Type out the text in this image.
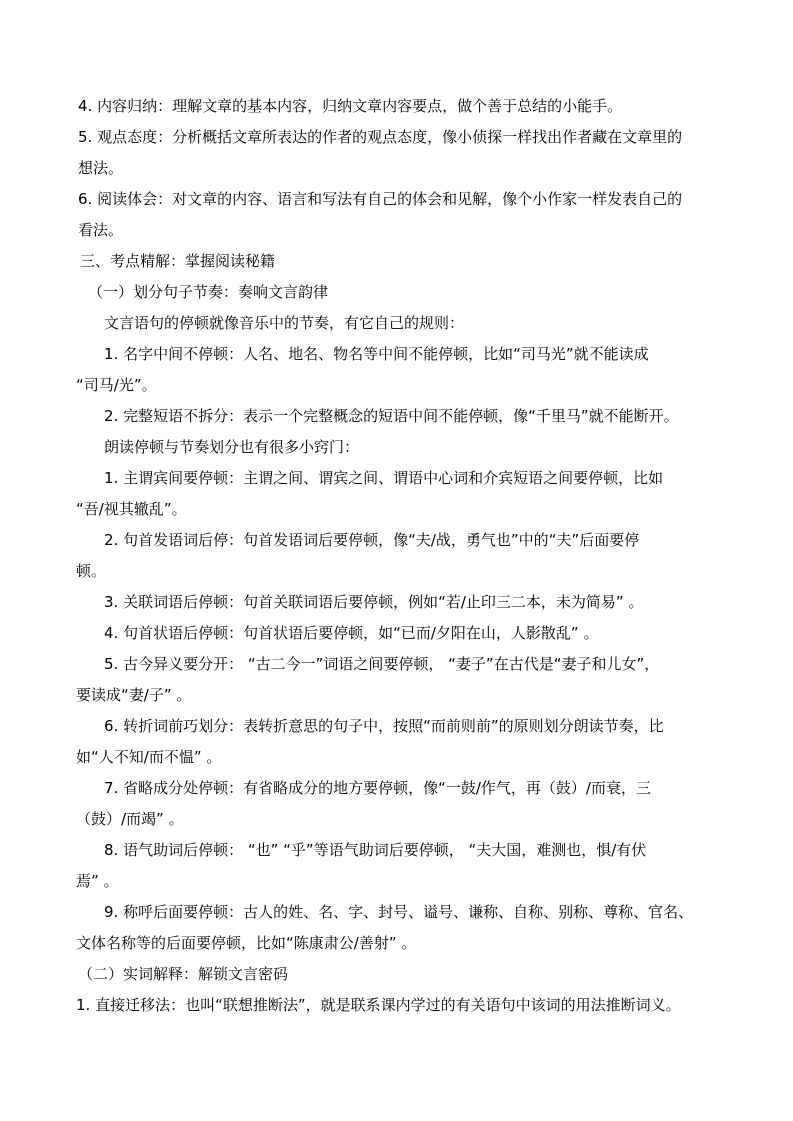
4. 内容归纳：理解文章的基本内容，归纳文章内容要点，做个善于总结的小能手。
5. 观点态度：分析概括文章所表达的作者的观点态度，像小侦探一样找出作者藏在文章里的
想法。
6. 阅读体会：对文章的内容、语言和写法有自己的体会和见解，像个小作家一样发表自己的
看法。
三、考点精解：掌握阅读秘籍
（一）划分句子节奏：奏响文言韵律
文言语句的停顿就像音乐中的节奏，有它自己的规则：
1. 名字中间不停顿：人名、地名、物名等中间不能停顿，比如“司马光”就不能读成
“司马/光”。
2. 完整短语不拆分：表示一个完整概念的短语中间不能停顿，像“千里马”就不能断开。
朗读停顿与节奏划分也有很多小窍门：
1. 主谓宾间要停顿：主谓之间、谓宾之间、谓语中心词和介宾短语之间要停顿，比如
“吾/视其辙乱”。
2. 句首发语词后停：句首发语词后要停顿，像“夫/战，勇气也”中的“夫”后面要停
顿。
3. 关联词语后停顿：句首关联词语后要停顿，例如“若/止印三二本，未为简易” 。
4. 句首状语后停顿：句首状语后要停顿，如“已而/夕阳在山，人影散乱” 。
5. 古今异义要分开： “古二今一”词语之间要停顿， “妻子”在古代是“妻子和儿女”，
要读成“妻/子” 。
6. 转折词前巧划分：表转折意思的句子中，按照“而前则前”的原则划分朗读节奏，比
如“人不知/而不愠” 。
7. 省略成分处停顿：有省略成分的地方要停顿，像“一鼓/作气，再（鼓）/而衰，三
（鼓）/而竭” 。
8. 语气助词后停顿： “也” “乎”等语气助词后要停顿， “夫大国，难测也，惧/有伏
焉” 。
9. 称呼后面要停顿：古人的姓、名、字、封号、谥号、谦称、自称、别称、尊称、官名、
文体名称等的后面要停顿，比如“陈康肃公/善射” 。
（二）实词解释：解锁文言密码
1. 直接迁移法：也叫“联想推断法”，就是联系课内学过的有关语句中该词的用法推断词义。
